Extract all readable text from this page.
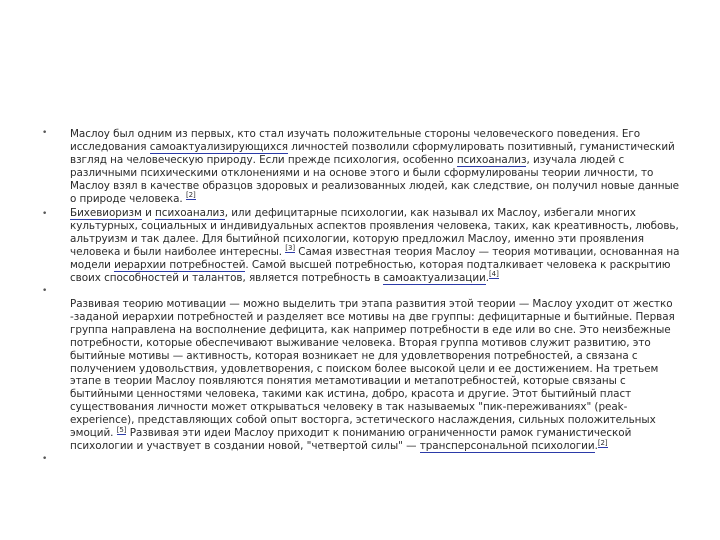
• Маслоу был одним из первых, кто стал изучать положительные стороны человеческого поведения. Его исследования самоактуализирующихся личностей позволили сформулировать позитивный, гуманистический взгляд на человеческую природу. Если прежде психология, особенно психоанализ, изучала людей с различными психическими отклонениями и на основе этого и были сформулированы теории личности, то Маслоу взял в качестве образцов здоровых и реализованных людей, как следствие, он получил новые данные о природе человека. [2]

• Бихевиоризм и психоанализ, или дефицитарные психологии, как называл их Маслоу, избегали многих культурных, социальных и индивидуальных аспектов проявления человека, таких, как креативность, любовь, альтруизм и так далее. Для бытийной психологии, которую предложил Маслоу, именно эти проявления человека и были наиболее интересны. [3] Самая известная теория Маслоу — теория мотивации, основанная на модели иерархии потребностей. Самой высшей потребностью, которая подталкивает человека к раскрытию своих способностей и талантов, является потребность в самоактуализации.[4]

•

Развивая теорию мотивации — можно выделить три этапа развития этой теории — Маслоу уходит от жестко -заданой иерархии потребностей и разделяет все мотивы на две группы: дефицитарные и бытийные. Первая группа направлена на восполнение дефицита, как например потребности в еде или во сне. Это неизбежные потребности, которые обеспечивают выживание человека. Вторая группа мотивов служит развитию, это бытийные мотивы — активность, которая возникает не для удовлетворения потребностей, а связана с получением удовольствия, удовлетворения, с поиском более высокой цели и ее достижением. На третьем этапе в теории Маслоу появляются понятия метамотивации и метапотребностей, которые связаны с бытийными ценностями человека, такими как истина, добро, красота и другие. Этот бытийный пласт существования личности может открываться человеку в так называемых "пик-переживаниях" (peak-experience), представляющих собой опыт восторга, эстетического наслаждения, сильных положительных эмоций. [5] Развивая эти идеи Маслоу приходит к пониманию ограниченности рамок гуманистической психологии и участвует в создании новой, "четвертой силы" — трансперсональной психологии.[2]

•
